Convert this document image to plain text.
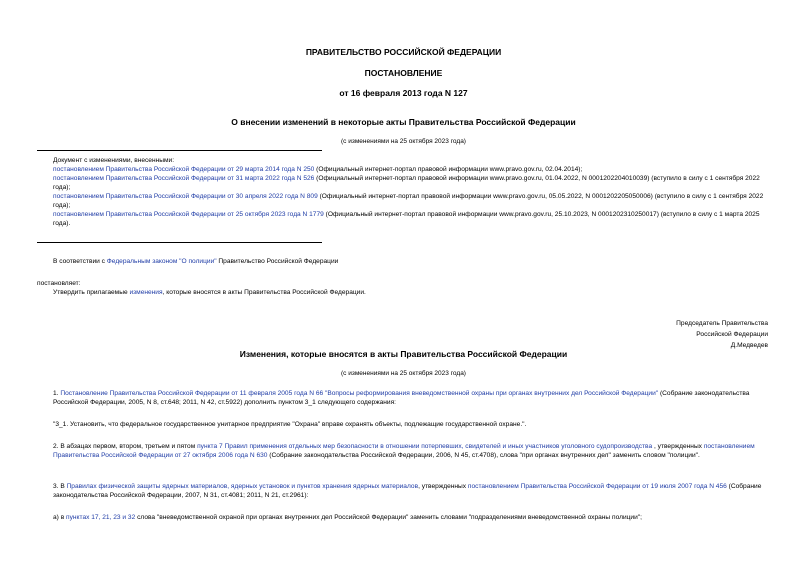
ПРАВИТЕЛЬСТВО РОССИЙСКОЙ ФЕДЕРАЦИИ
ПОСТАНОВЛЕНИЕ
от 16 февраля 2013 года N 127
О внесении изменений в некоторые акты Правительства Российской Федерации
(с изменениями на 25 октября 2023 года)

Документ с изменениями, внесенными:

постановлением Правительства Российской Федерации от 29 марта 2014 года N 250 (Официальный интернет-портал правовой информации www.pravo.gov.ru, 02.04.2014);

постановлением Правительства Российской Федерации от 31 марта 2022 года N 526 (Официальный интернет-портал правовой информации www.pravo.gov.ru, 01.04.2022, N 0001202204010039) (вступило в силу с 1 сентября 2022 года);

постановлением Правительства Российской Федерации от 30 апреля 2022 года N 809 (Официальный интернет-портал правовой информации www.pravo.gov.ru, 05.05.2022, N 0001202205050006) (вступило в силу с 1 сентября 2022 года);

постановлением Правительства Российской Федерации от 25 октября 2023 года N 1779 (Официальный интернет-портал правовой информации www.pravo.gov.ru, 25.10.2023, N 0001202310250017) (вступило в силу с 1 марта 2025 года).

В соответствии с Федеральным законом "О полиции" Правительство Российской Федерации

постановляет:

Утвердить прилагаемые изменения, которые вносятся в акты Правительства Российской Федерации.

Председатель Правительства
Российской Федерации
Д.Медведев
Изменения, которые вносятся в акты Правительства Российской Федерации
(с изменениями на 25 октября 2023 года)

1. Постановление Правительства Российской Федерации от 11 февраля 2005 года N 66 "Вопросы реформирования вневедомственной охраны при органах внутренних дел Российской Федерации" (Собрание законодательства Российской Федерации, 2005, N 8, ст.648; 2011, N 42, ст.5922) дополнить пунктом 3_1 следующего содержания:

"3_1. Установить, что федеральное государственное унитарное предприятие "Охрана" вправе охранять объекты, подлежащие государственной охране.".

2. В абзацах первом, втором, третьем и пятом пункта 7 Правил применения отдельных мер безопасности в отношении потерпевших, свидетелей и иных участников уголовного судопроизводства , утвержденных постановлением Правительства Российской Федерации от 27 октября 2006 года N 630 (Собрание законодательства Российской Федерации, 2006, N 45, ст.4708), слова "при органах внутренних дел" заменить словом "полиции".

3. В Правилах физической защиты ядерных материалов, ядерных установок и пунктов хранения ядерных материалов, утвержденных постановлением Правительства Российской Федерации от 19 июля 2007 года N 456 (Собрание законодательства Российской Федерации, 2007, N 31, ст.4081; 2011, N 21, ст.2961):

а) в пунктах 17, 21, 23 и 32 слова "вневедомственной охраной при органах внутренних дел Российской Федерации" заменить словами "подразделениями вневедомственной охраны полиции";
